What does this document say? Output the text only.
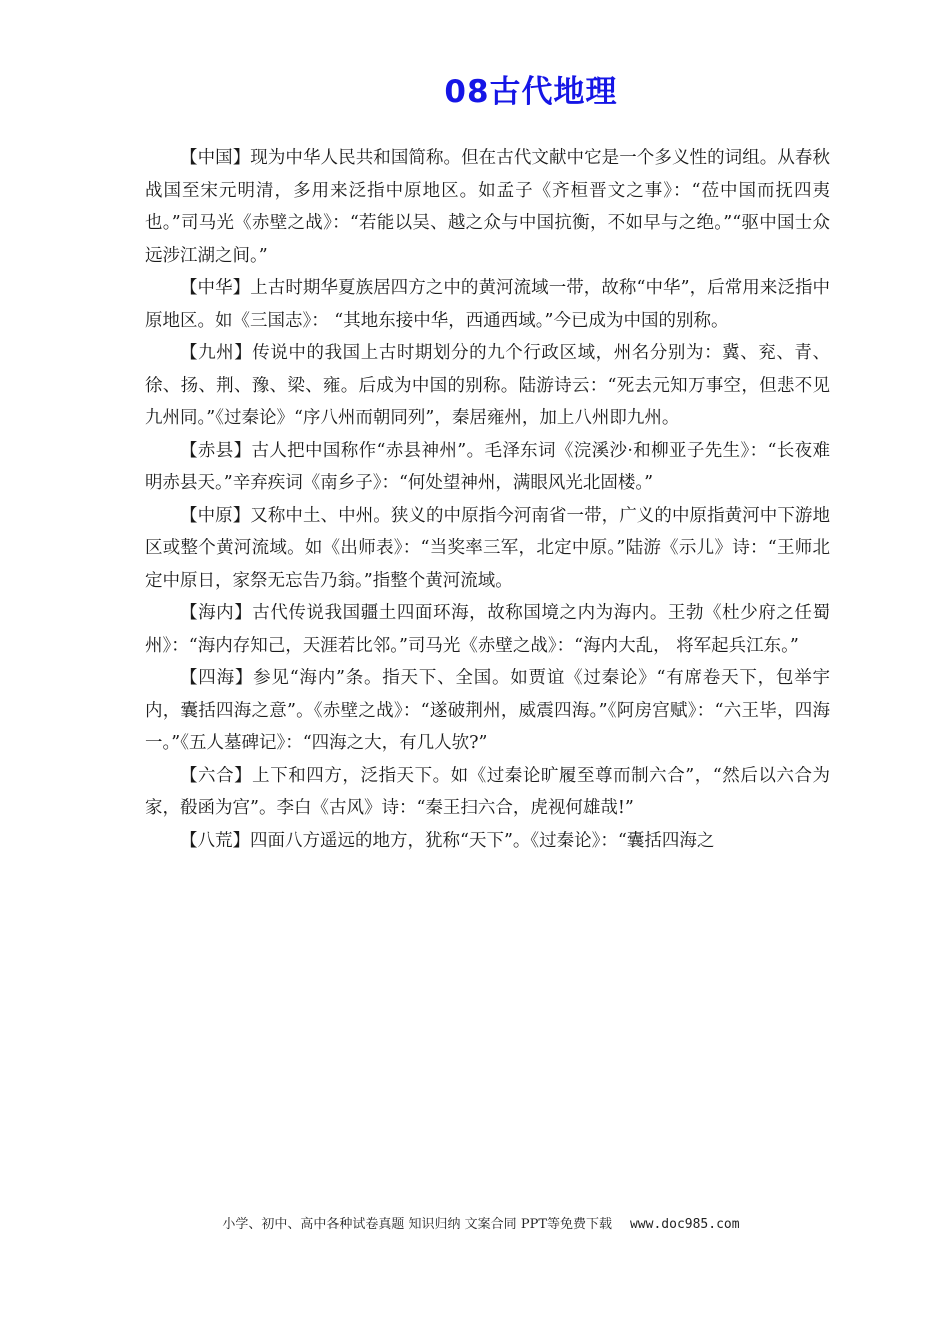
08古代地理

【中国】现为中华人民共和国简称。但在古代文献中它是一个多义性的词组。从春秋战国至宋元明清，多用来泛指中原地区。如孟子《齐桓晋文之事》：“莅中国而抚四夷也。”司马光《赤壁之战》：“若能以吴、越之众与中国抗衡，不如早与之绝。”“驱中国士众远涉江湖之间。”

【中华】上古时期华夏族居四方之中的黄河流域一带，故称“中华”，后常用来泛指中原地区。如《三国志》： “其地东接中华，西通西域。”今已成为中国的别称。

【九州】传说中的我国上古时期划分的九个行政区域，州名分别为：冀、兖、青、徐、扬、荆、豫、梁、雍。后成为中国的别称。陆游诗云：“死去元知万事空，但悲不见九州同。”《过秦论》“序八州而朝同列”，秦居雍州，加上八州即九州。

【赤县】古人把中国称作“赤县神州”。毛泽东词《浣溪沙·和柳亚子先生》：“长夜难明赤县天。”辛弃疾词《南乡子》：“何处望神州，满眼风光北固楼。”

【中原】又称中土、中州。狭义的中原指今河南省一带，广义的中原指黄河中下游地区或整个黄河流域。如《出师表》：“当奖率三军，北定中原。”陆游《示儿》诗：“王师北定中原日，家祭无忘告乃翁。”指整个黄河流域。

【海内】古代传说我国疆土四面环海，故称国境之内为海内。王勃《杜少府之任蜀州》：“海内存知己，天涯若比邻。”司马光《赤壁之战》：“海内大乱， 将军起兵江东。”

【四海】参见“海内”条。指天下、全国。如贾谊《过秦论》“有席卷天下，包举宇内，囊括四海之意”。《赤壁之战》：“遂破荆州，威震四海。”《阿房宫赋》：“六王毕，四海一。”《五人墓碑记》：“四海之大，有几人欤?”

【六合】上下和四方，泛指天下。如《过秦论旷履至尊而制六合”，“然后以六合为家，殽函为宫”。李白《古风》诗：“秦王扫六合，虎视何雄哉!”

【八荒】四面八方遥远的地方，犹称“天下”。《过秦论》：“囊括四海之

小学、初中、高中各种试卷真题 知识归纳 文案合同 PPT等免费下载 www.doc985.com
